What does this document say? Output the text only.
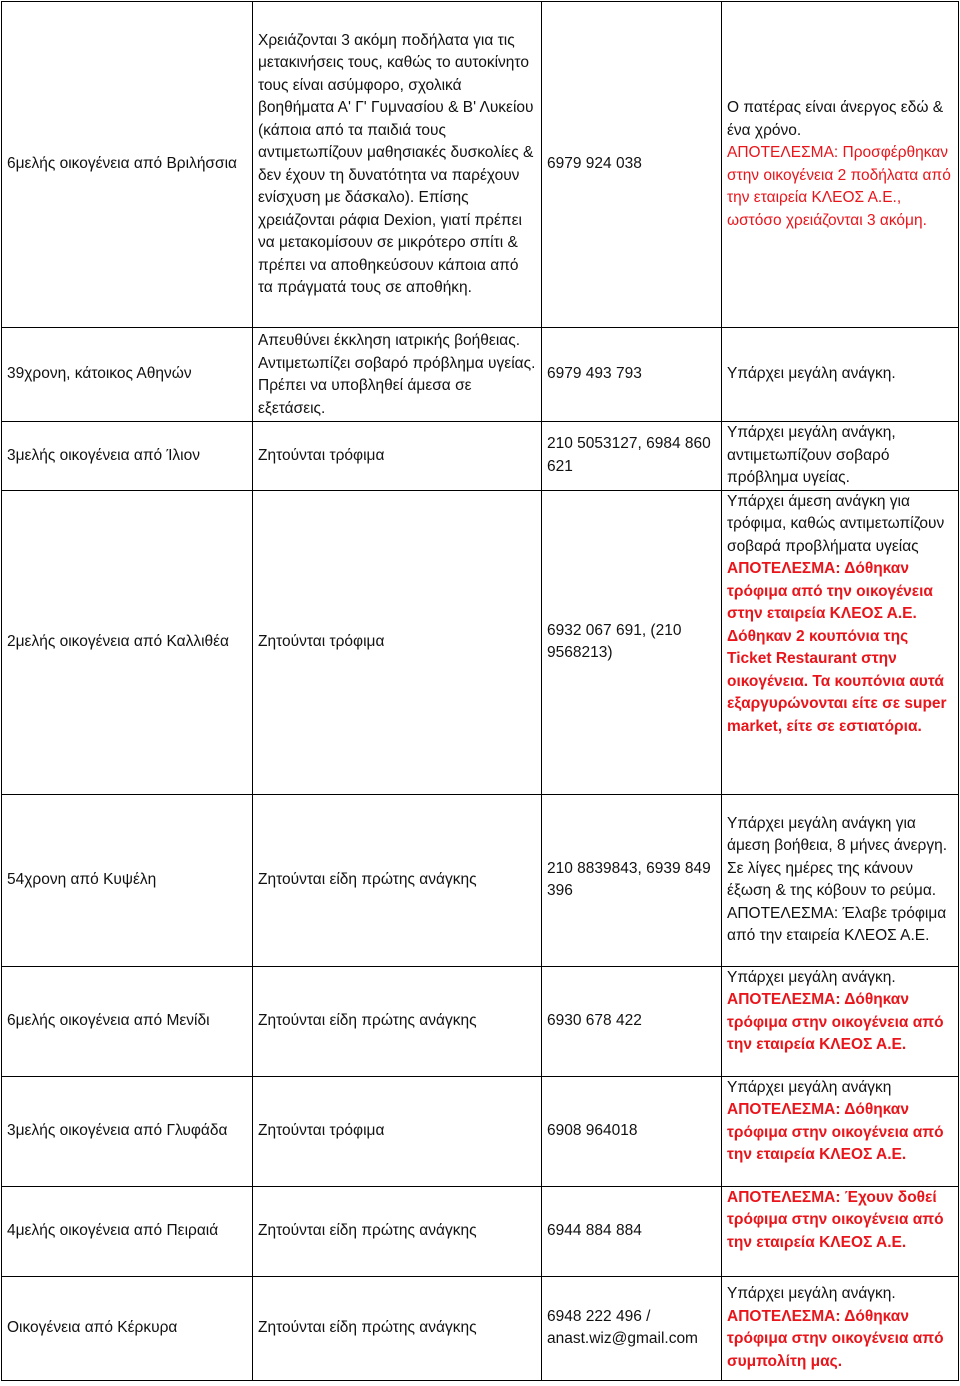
6μελής οικογένεια από Βριλήσσια	Χρειάζονται 3 ακόμη ποδήλατα για τις μετακινήσεις τους, καθώς το αυτοκίνητο τους είναι ασύμφορο, σχολικά βοηθήματα Α' Γ' Γυμνασίου & Β' Λυκείου (κάποια από τα παιδιά τους αντιμετωπίζουν μαθησιακές δυσκολίες & δεν έχουν τη δυνατότητα να παρέχουν ενίσχυση με δάσκαλο). Επίσης χρειάζονται ράφια Dexion, γιατί πρέπει να μετακομίσουν σε μικρότερο σπίτι & πρέπει να αποθηκεύσουν κάποια από τα πράγματά τους σε αποθήκη.	6979 924 038	Ο πατέρας είναι άνεργος εδώ & ένα χρόνο.
ΑΠΟΤΕΛΕΣΜΑ: Προσφέρθηκαν στην οικογένεια 2 ποδήλατα από την εταιρεία ΚΛΕΟΣ Α.Ε., ωστόσο χρειάζονται 3 ακόμη.

39χρονη, κάτοικος Αθηνών	Απευθύνει έκκληση ιατρικής βοήθειας. Αντιμετωπίζει σοβαρό πρόβλημα υγείας. Πρέπει να υποβληθεί άμεσα σε εξετάσεις.	6979 493 793	Υπάρχει μεγάλη ανάγκη.

3μελής οικογένεια από Ίλιον	Ζητούνται τρόφιμα	210 5053127, 6984 860 621	Υπάρχει μεγάλη ανάγκη, αντιμετωπίζουν σοβαρό πρόβλημα υγείας.

2μελής οικογένεια από Καλλιθέα	Ζητούνται τρόφιμα	6932 067 691, (210 9568213)	Υπάρχει άμεση ανάγκη για τρόφιμα, καθώς αντιμετωπίζουν σοβαρά προβλήματα υγείας
ΑΠΟΤΕΛΕΣΜΑ: Δόθηκαν τρόφιμα από την οικογένεια στην εταιρεία ΚΛΕΟΣ Α.Ε. Δόθηκαν 2 κουπόνια της Ticket Restaurant στην οικογένεια. Τα κουπόνια αυτά εξαργυρώνονται είτε σε super market, είτε σε εστιατόρια.

54χρονη από Κυψέλη	Ζητούνται είδη πρώτης ανάγκης	210 8839843, 6939 849 396	Υπάρχει μεγάλη ανάγκη για άμεση βοήθεια, 8 μήνες άνεργη. Σε λίγες ημέρες της κάνουν έξωση & της κόβουν το ρεύμα. ΑΠΟΤΕΛΕΣΜΑ: Έλαβε τρόφιμα από την εταιρεία ΚΛΕΟΣ Α.Ε.

6μελής οικογένεια από Μενίδι	Ζητούνται είδη πρώτης ανάγκης	6930 678 422	Υπάρχει μεγάλη ανάγκη.
ΑΠΟΤΕΛΕΣΜΑ: Δόθηκαν τρόφιμα στην οικογένεια από την εταιρεία ΚΛΕΟΣ Α.Ε.

3μελής οικογένεια από Γλυφάδα	Ζητούνται τρόφιμα	6908 964018	Υπάρχει μεγάλη ανάγκη
ΑΠΟΤΕΛΕΣΜΑ: Δόθηκαν τρόφιμα στην οικογένεια από την εταιρεία ΚΛΕΟΣ Α.Ε.

4μελής οικογένεια από Πειραιά	Ζητούνται είδη πρώτης ανάγκης	6944 884 884	ΑΠΟΤΕΛΕΣΜΑ: Έχουν δοθεί τρόφιμα στην οικογένεια από την εταιρεία ΚΛΕΟΣ Α.Ε.

Οικογένεια από Κέρκυρα	Ζητούνται είδη πρώτης ανάγκης	6948 222 496 / anast.wiz@gmail.com	Υπάρχει μεγάλη ανάγκη.
ΑΠΟΤΕΛΕΣΜΑ: Δόθηκαν τρόφιμα στην οικογένεια από συμπολίτη μας.
